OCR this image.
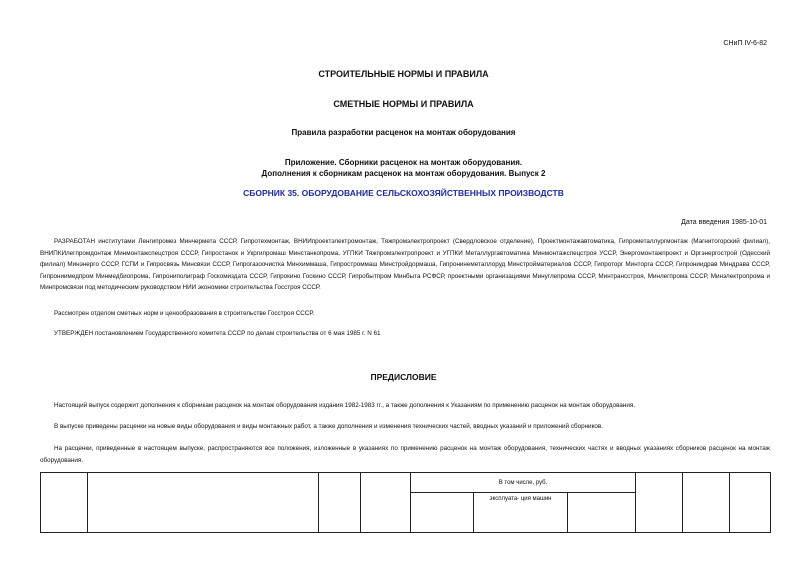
СНиП IV-6-82
СТРОИТЕЛЬНЫЕ НОРМЫ И ПРАВИЛА
СМЕТНЫЕ НОРМЫ И ПРАВИЛА
Правила разработки расценок на монтаж оборудования
Приложение. Сборники расценок на монтаж оборудования.
Дополнения к сборникам расценок на монтаж оборудования. Выпуск 2
СБОРНИК 35. ОБОРУДОВАНИЕ СЕЛЬСКОХОЗЯЙСТВЕННЫХ ПРОИЗВОДСТВ
Дата введения 1985-10-01
РАЗРАБОТАН институтами Ленгипромез Минчермета СССР, Гипротехмонтаж, ВНИИпроектэлектромонтаж, Тяжпромэлектропроект (Свердловское отделение), Проектмонтажавтоматика, Гипрометаллургмонтаж (Магнитогорский филиал), ВНИПКИлегпромдонтаж Минмонтажспецстроя СССР, Гипростанок и Укргипромаш Минстанкопрома, УГПКИ Тяжпромэлектропроект и УГПКИ Металлургавтоматика Минмонтажспецстроя УССР, Энергомонтажпроект и Оргэнергострой (Одесский филиал) Минэнерго СССР, ГСПИ и Гипросвязь Минсвязи СССР, Гипрогазоочистка Минхиммаша, Гипростроммаш Минстройдормаша, Гипронинеметаллоруд Минстройматериалов СССР, Гипроторг Минторга СССР, Гипрониидрав Миндрава СССР, Гипрониимедпром Минмедбиопрома, Гипрониполиграф Госкомиздата СССР, Гипрокино Госкино СССР, Гипробытпром Минбыта РСФСР, проектными организациями Минуглепрома СССР, Минтрансстроя, Минлегпрома СССР, Минэлектропрома и Минпромсвязи под методическим руководством НИИ экономики строительства Госстроя СССР.
Рассмотрен отделом сметных норм и ценообразования в строительстве Госстроя СССР.
УТВЕРЖДЕН постановлением Государственного комитета СССР по делам строительства от 6 мая 1985 г. N 61
ПРЕДИСЛОВИЕ
Настоящий выпуск содержит дополнения к сборникам расценок на монтаж оборудования издания 1982-1983 гг., а также дополнения к Указаниям по применению расценок на монтаж оборудования.
В выпуске приведены расценки на новые виды оборудования и виды монтажных работ, а также дополнения и изменения технических частей, вводных указаний и приложений сборников.
На расценки, приведенные в настоящем выпуске, распространяются все положения, изложенные в указаниях по применению расценок на монтаж оборудования, технических частях и вводных указаниях сборников расценок на монтаж оборудования.
				В том числе, руб.					
					эксплуата- ция машин				
